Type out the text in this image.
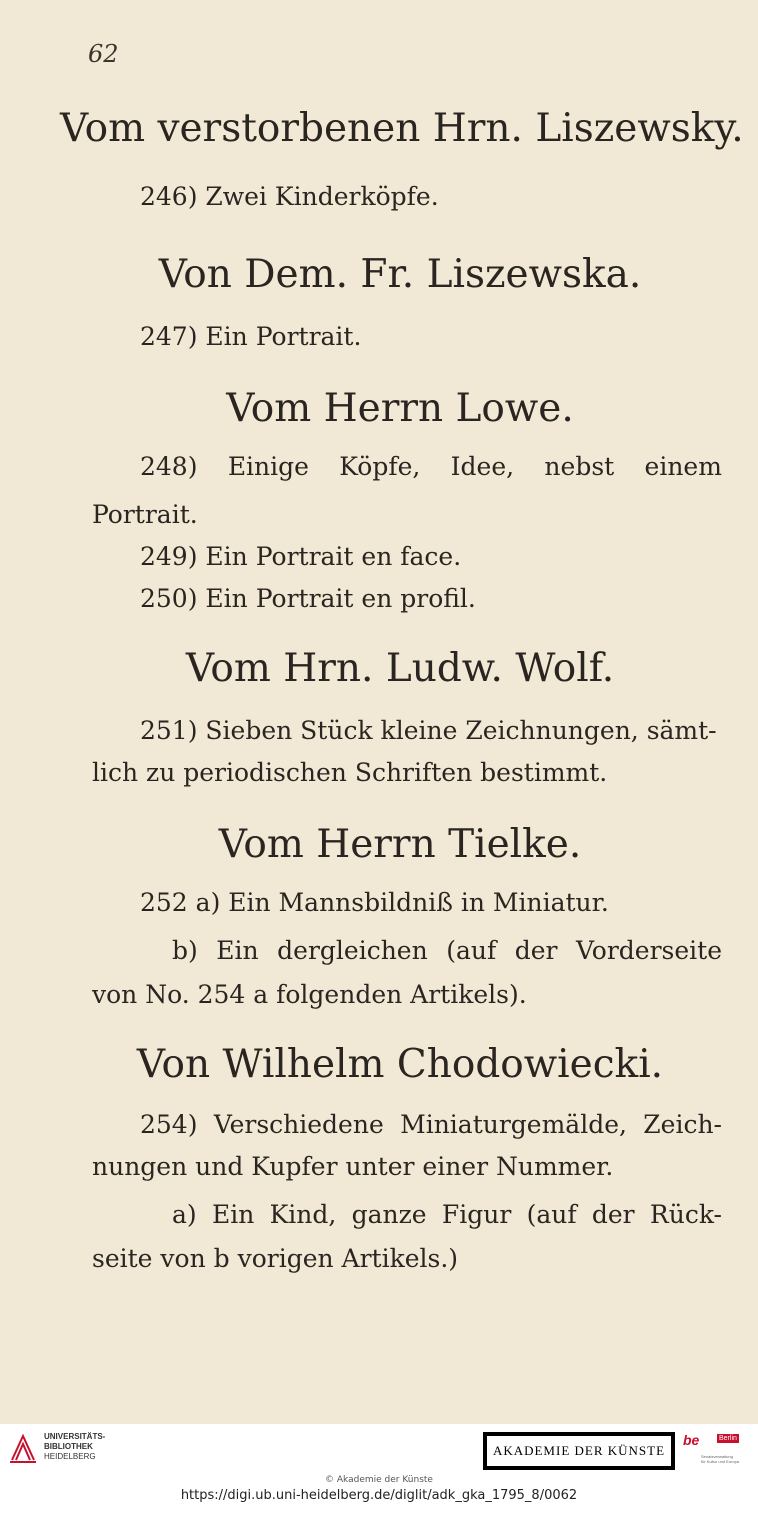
62
Vom verstorbenen Hrn. Liszewsky.
246) Zwei Kinderköpfe.
Von Dem. Fr. Liszewska.
247) Ein Portrait.
Vom Herrn Lowe.
248) Einige Köpfe, Idee, nebst einem
Portrait.
249) Ein Portrait en face.
250) Ein Portrait en profil.
Vom Hrn. Ludw. Wolf.
251) Sieben Stück kleine Zeichnungen, sämt-
lich zu periodischen Schriften bestimmt.
Vom Herrn Tielke.
252 a) Ein Mannsbildniß in Miniatur.
b) Ein dergleichen (auf der Vorderseite
von No. 254 a folgenden Artikels).
Von Wilhelm Chodowiecki.
254) Verschiedene Miniaturgemälde, Zeich-
nungen und Kupfer unter einer Nummer.
a) Ein Kind, ganze Figur (auf der Rück-
seite von b vorigen Artikels.)
UNIVERSITÄTS-
BIBLIOTHEK
HEIDELBERG	AKADEMIE DER KÜNSTE
be	Berlin
Senatsverwaltung
für Kultur und Europa
© Akademie der Künste
https://digi.ub.uni-heidelberg.de/diglit/adk_gka_1795_8/0062
